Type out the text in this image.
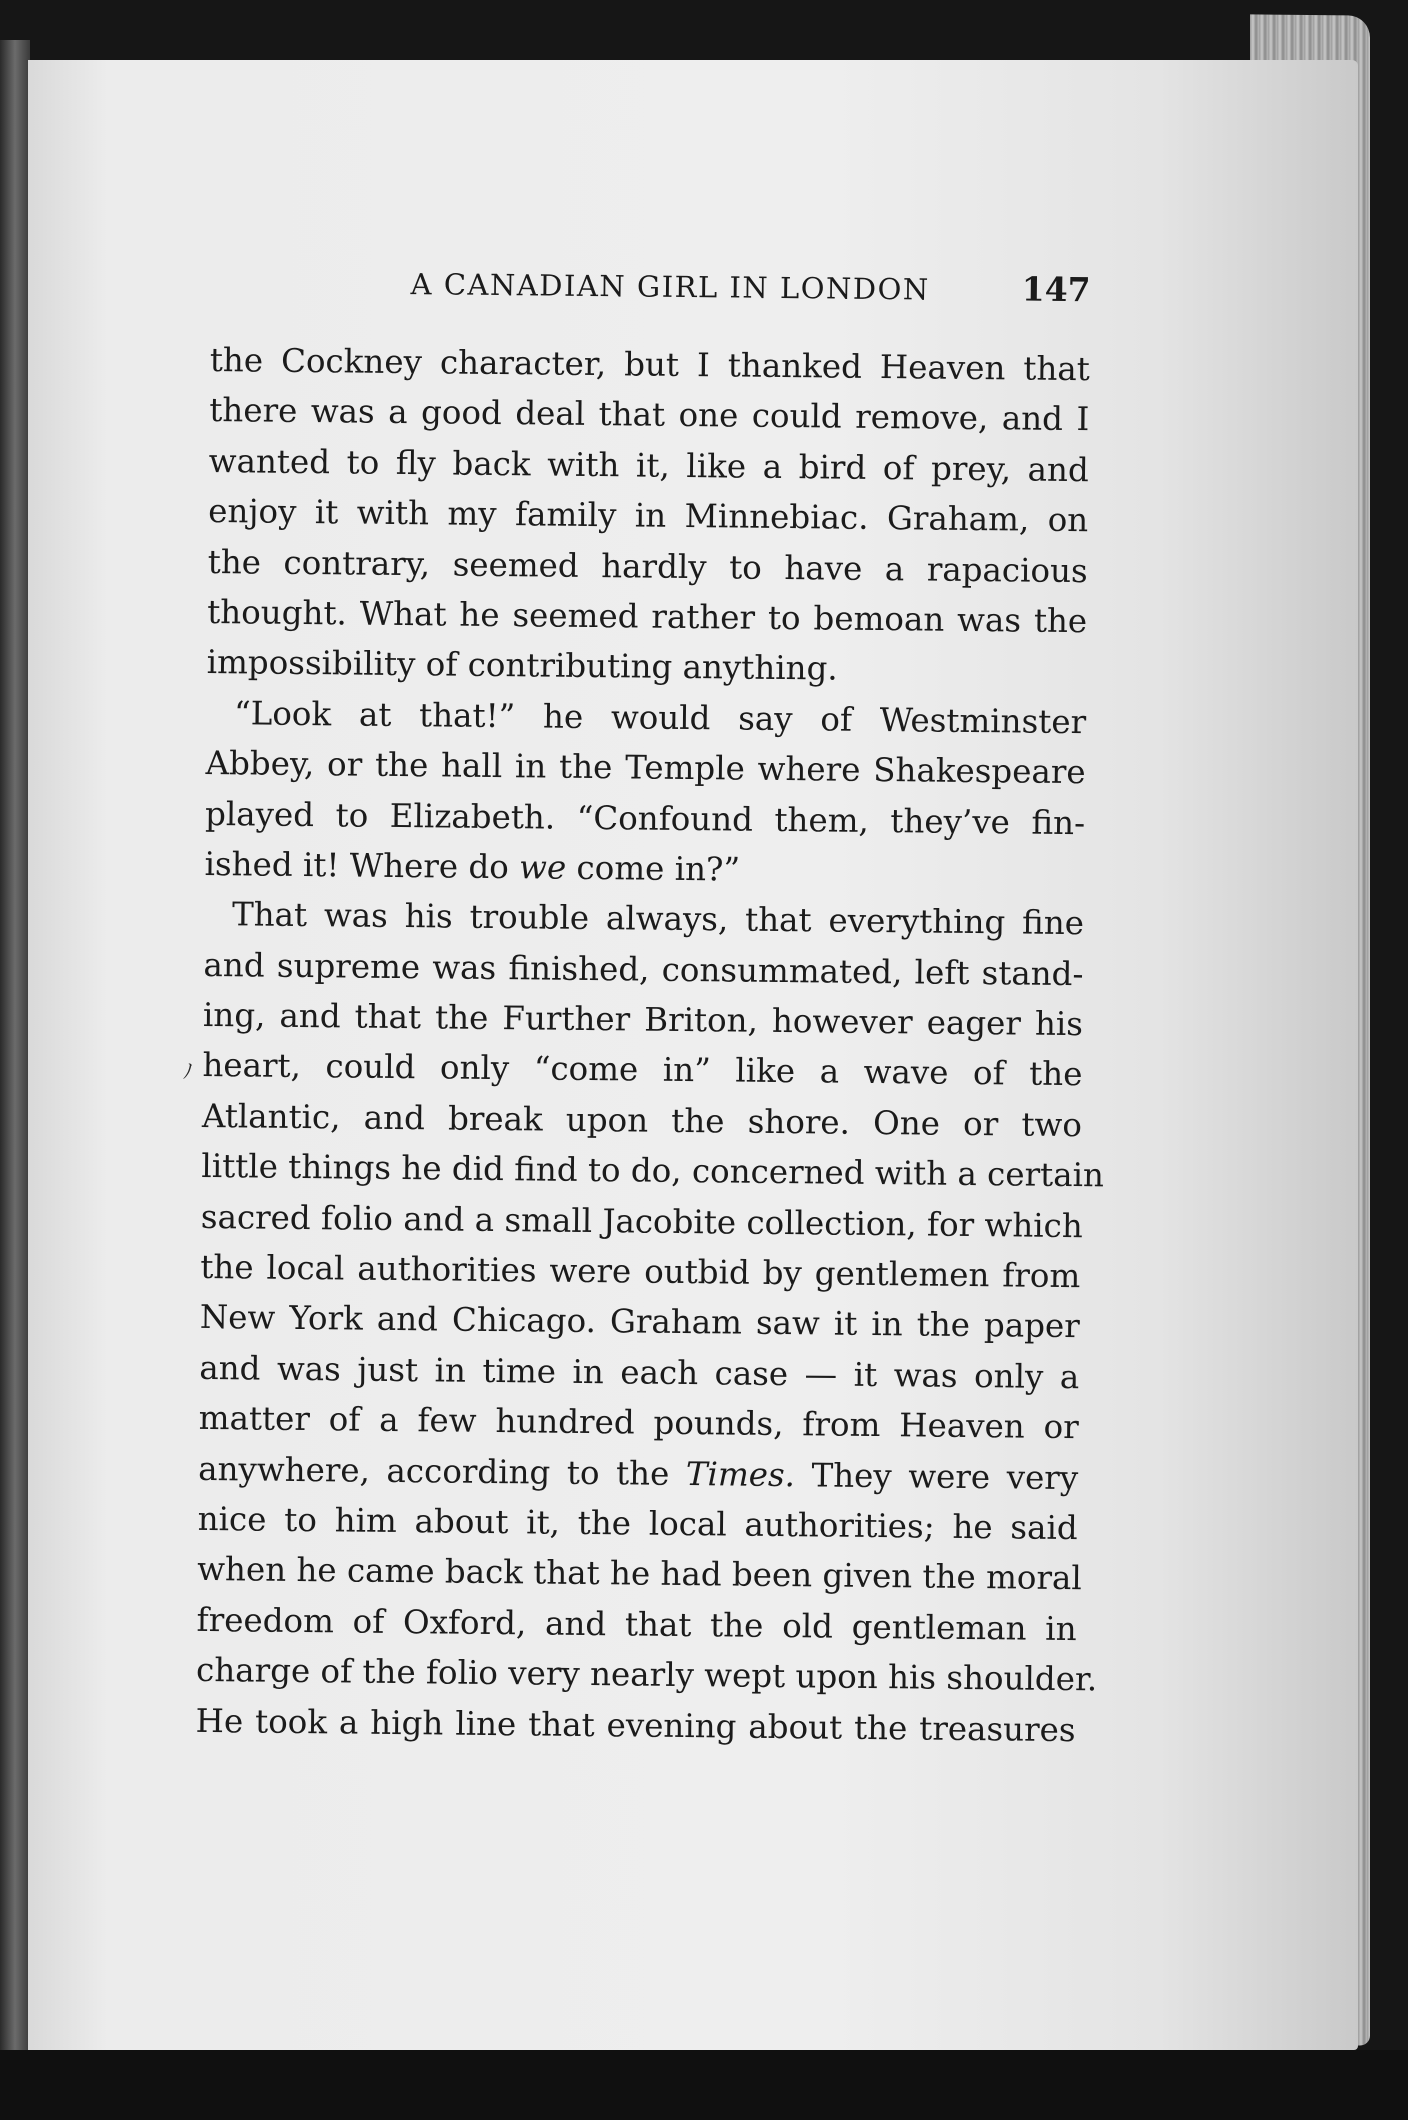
A CANADIAN GIRL IN LONDON	147
the Cockney character, but I thanked Heaven that
there was a good deal that one could remove, and I
wanted to fly back with it, like a bird of prey, and
enjoy it with my family in Minnebiac. Graham, on
the contrary, seemed hardly to have a rapacious
thought. What he seemed rather to bemoan was the
impossibility of contributing anything.
“Look at that!” he would say of Westminster
Abbey, or the hall in the Temple where Shakespeare
played to Elizabeth. “Confound them, they’ve fin-
ished it! Where do we come in?”
That was his trouble always, that everything fine
and supreme was finished, consummated, left stand-
ing, and that the Further Briton, however eager his
heart, could only “come in” like a wave of the
Atlantic, and break upon the shore. One or two
little things he did find to do, concerned with a certain
sacred folio and a small Jacobite collection, for which
the local authorities were outbid by gentlemen from
New York and Chicago. Graham saw it in the paper
and was just in time in each case — it was only a
matter of a few hundred pounds, from Heaven or
anywhere, according to the Times. They were very
nice to him about it, the local authorities; he said
when he came back that he had been given the moral
freedom of Oxford, and that the old gentleman in
charge of the folio very nearly wept upon his shoulder.
He took a high line that evening about the treasures
ﾉ
